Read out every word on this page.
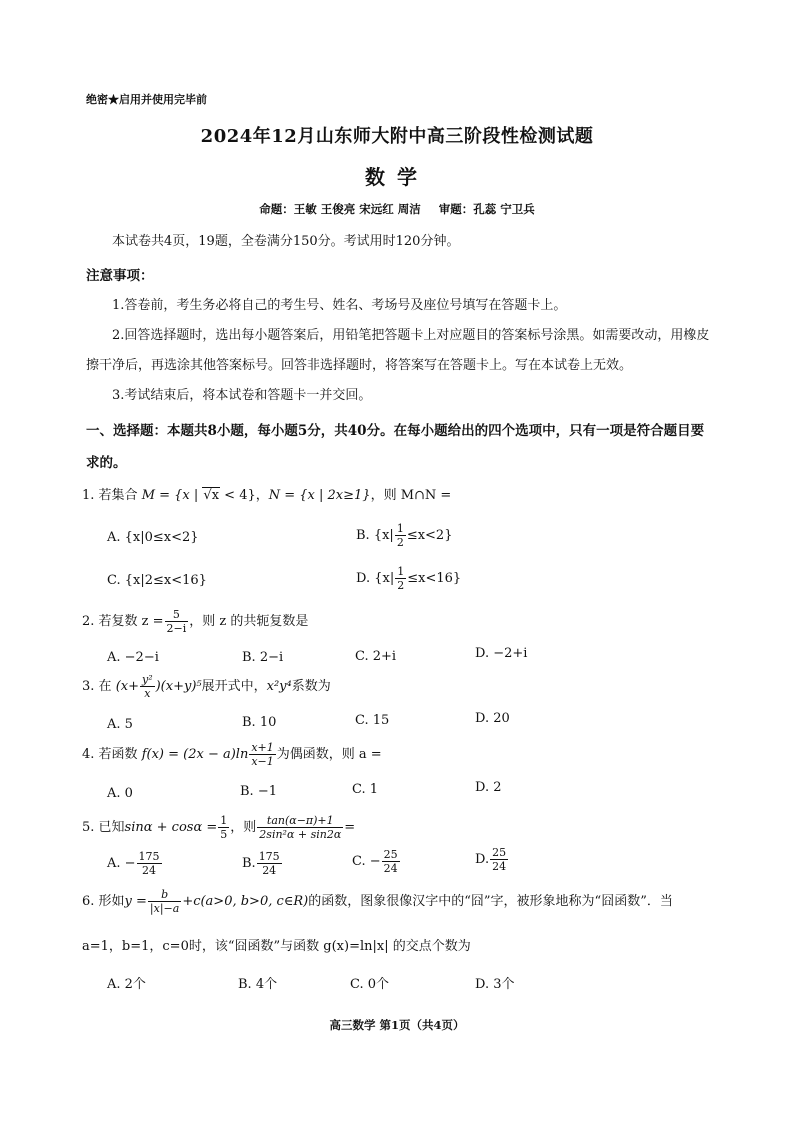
绝密★启用并使用完毕前
2024年12月山东师大附中高三阶段性检测试题
数学
命题：王敏 王俊亮 宋远红 周洁 审题：孔蕊 宁卫兵
本试卷共4页，19题，全卷满分150分。考试用时120分钟。
注意事项：
1.答卷前，考生务必将自己的考生号、姓名、考场号及座位号填写在答题卡上。
2.回答选择题时，选出每小题答案后，用铅笔把答题卡上对应题目的答案标号涂黑。如需要改动，用橡皮擦干净后，再选涂其他答案标号。回答非选择题时，将答案写在答题卡上。写在本试卷上无效。
3.考试结束后，将本试卷和答题卡一并交回。
一、选择题：本题共8小题，每小题5分，共40分。在每小题给出的四个选项中，只有一项是符合题目要求的。
1. 若集合 M = {x | √x < 4}，N = {x | 2x≥1}，则 M∩N =
A. {x|0≤x<2}	B. $\{x| \frac{1}{2} \le x<2\}$
C. {x|2≤x<16}	D. $\{x| \frac{1}{2} \le x<16\}$
2. 若复数 $z = \frac{5}{2-i}$ ，则 z 的共轭复数是
A. −2−i	B. 2−i	C. 2+i	D. −2+i
3. 在 $(x+ \frac{\text{y²}}{x} )(x+y)^5$展开式中，x²y⁴系数为
A. 5	B. 10	C. 15	D. 20
4. 若函数 $f(x) = (2x - a)\ln \frac{x+1}{x-1}$ 为偶函数，则 a =
A. 0	B. −1	C. 1	D. 2
5. 已知$\sin\alpha + \cos\alpha = \frac{1}{5}$ ，则 $\frac{\tan(\alpha-\pi)+1}{\text{2sin²α + sin2α}}$ =
A. − $\frac{175}{24}$	B. $\frac{175}{24}$	C. − $\frac{25}{24}$	D. $\frac{25}{24}$
6. 形如$y = \frac{b}{|x|-a} +c(a>0$, b>0, c∈R)的函数，图象很像汉字中的“囧”字，被形象地称为“囧函数”．当
a=1，b=1，c=0时，该“囧函数”与函数 g(x)=ln|x| 的交点个数为
A. 2个	B. 4个	C. 0个	D. 3个
高三数学 第1页（共4页）
